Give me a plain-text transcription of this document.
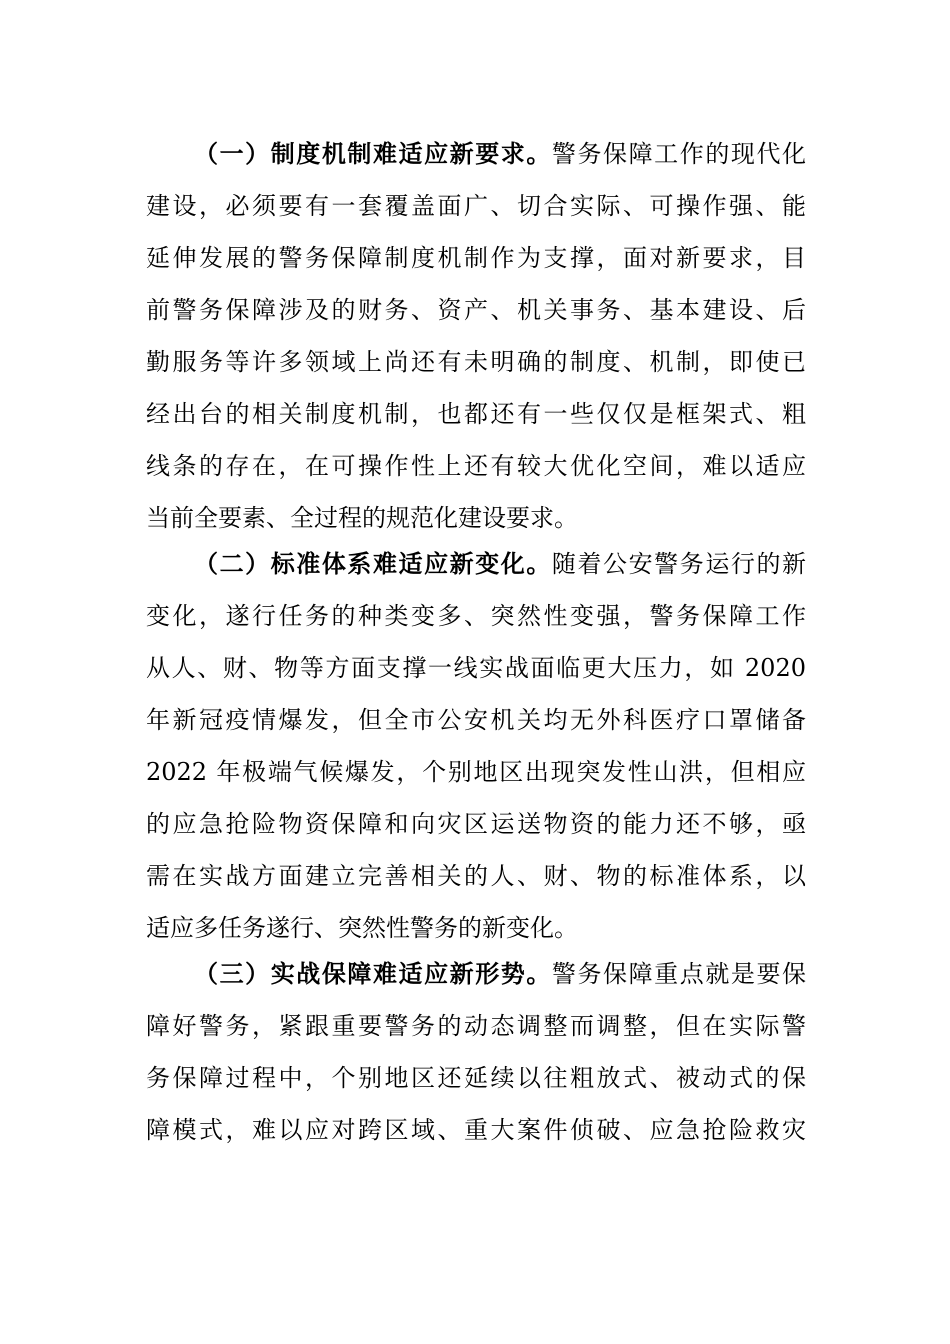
（一）制度机制难适应新要求。警务保障工作的现代化
建设，必须要有一套覆盖面广、切合实际、可操作强、能
延伸发展的警务保障制度机制作为支撑，面对新要求，目
前警务保障涉及的财务、资产、机关事务、基本建设、后
勤服务等许多领域上尚还有未明确的制度、机制，即使已
经出台的相关制度机制，也都还有一些仅仅是框架式、粗
线条的存在，在可操作性上还有较大优化空间，难以适应
当前全要素、全过程的规范化建设要求。
（二）标准体系难适应新变化。随着公安警务运行的新
变化，遂行任务的种类变多、突然性变强，警务保障工作
从人、财、物等方面支撑一线实战面临更大压力，如 2020
年新冠疫情爆发，但全市公安机关均无外科医疗口罩储备
2022 年极端气候爆发，个别地区出现突发性山洪，但相应
的应急抢险物资保障和向灾区运送物资的能力还不够，亟
需在实战方面建立完善相关的人、财、物的标准体系，以
适应多任务遂行、突然性警务的新变化。
（三）实战保障难适应新形势。警务保障重点就是要保
障好警务，紧跟重要警务的动态调整而调整，但在实际警
务保障过程中，个别地区还延续以往粗放式、被动式的保
障模式，难以应对跨区域、重大案件侦破、应急抢险救灾
